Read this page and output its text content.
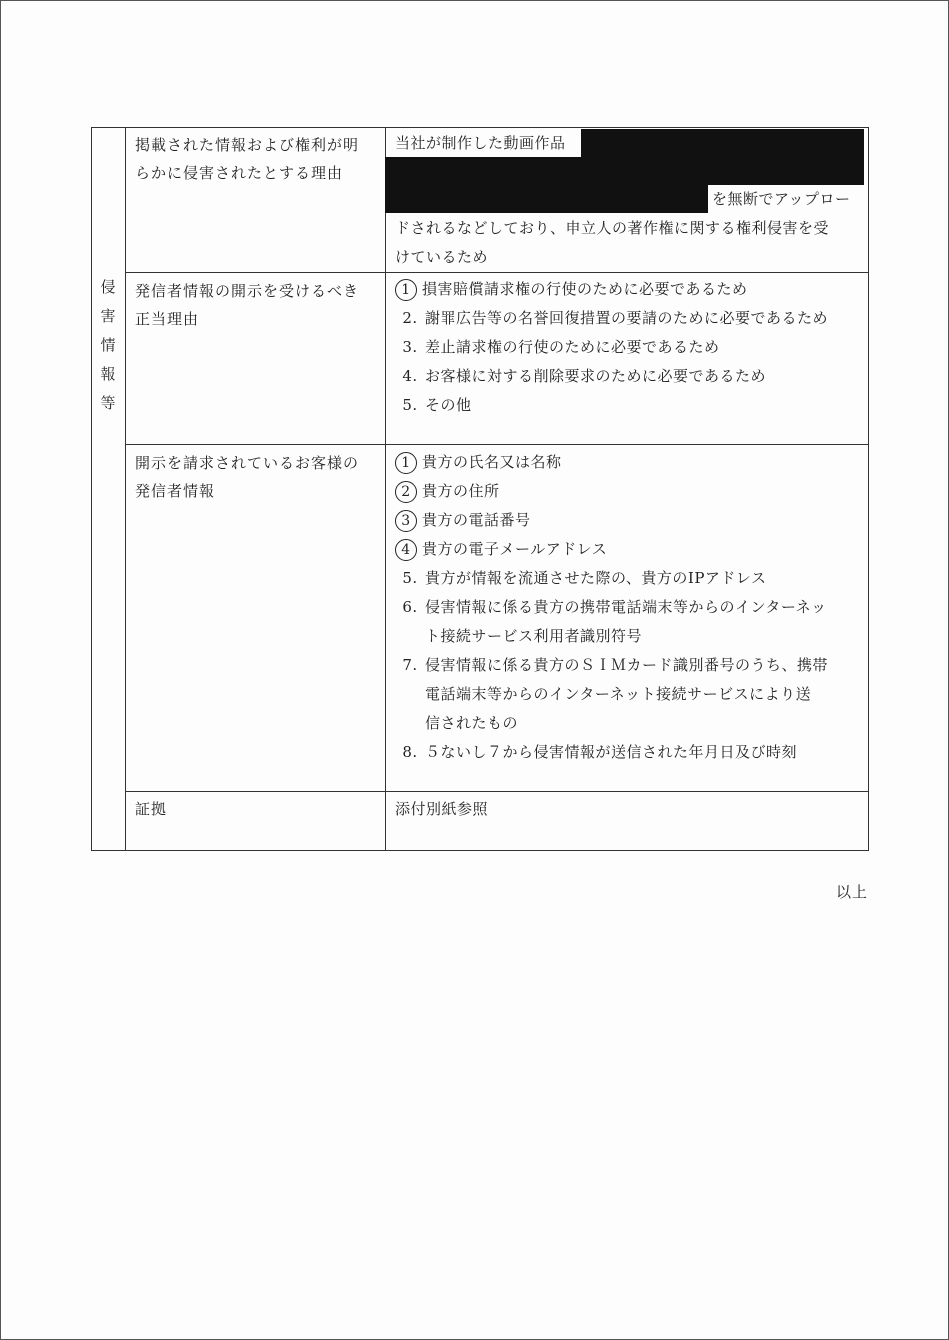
侵
害
情
報
等
掲載された情報および権利が明
らかに侵害されたとする理由
当社が制作した動画作品
を無断でアップロー
ドされるなどしており、申立人の著作権に関する権利侵害を受
けているため
発信者情報の開示を受けるべき
正当理由
1 損害賠償請求権の行使のために必要であるため
2. 謝罪広告等の名誉回復措置の要請のために必要であるため
3. 差止請求権の行使のために必要であるため
4. お客様に対する削除要求のために必要であるため
5. その他
開示を請求されているお客様の
発信者情報
1 貴方の氏名又は名称
2 貴方の住所
3 貴方の電話番号
4 貴方の電子メールアドレス
5. 貴方が情報を流通させた際の、貴方のIPアドレス
6. 侵害情報に係る貴方の携帯電話端末等からのインターネッ
ト接続サービス利用者識別符号
7. 侵害情報に係る貴方のＳＩＭカード識別番号のうち、携帯
電話端末等からのインターネット接続サービスにより送
信されたもの
8. ５ないし７から侵害情報が送信された年月日及び時刻
証拠	添付別紙参照
以上
